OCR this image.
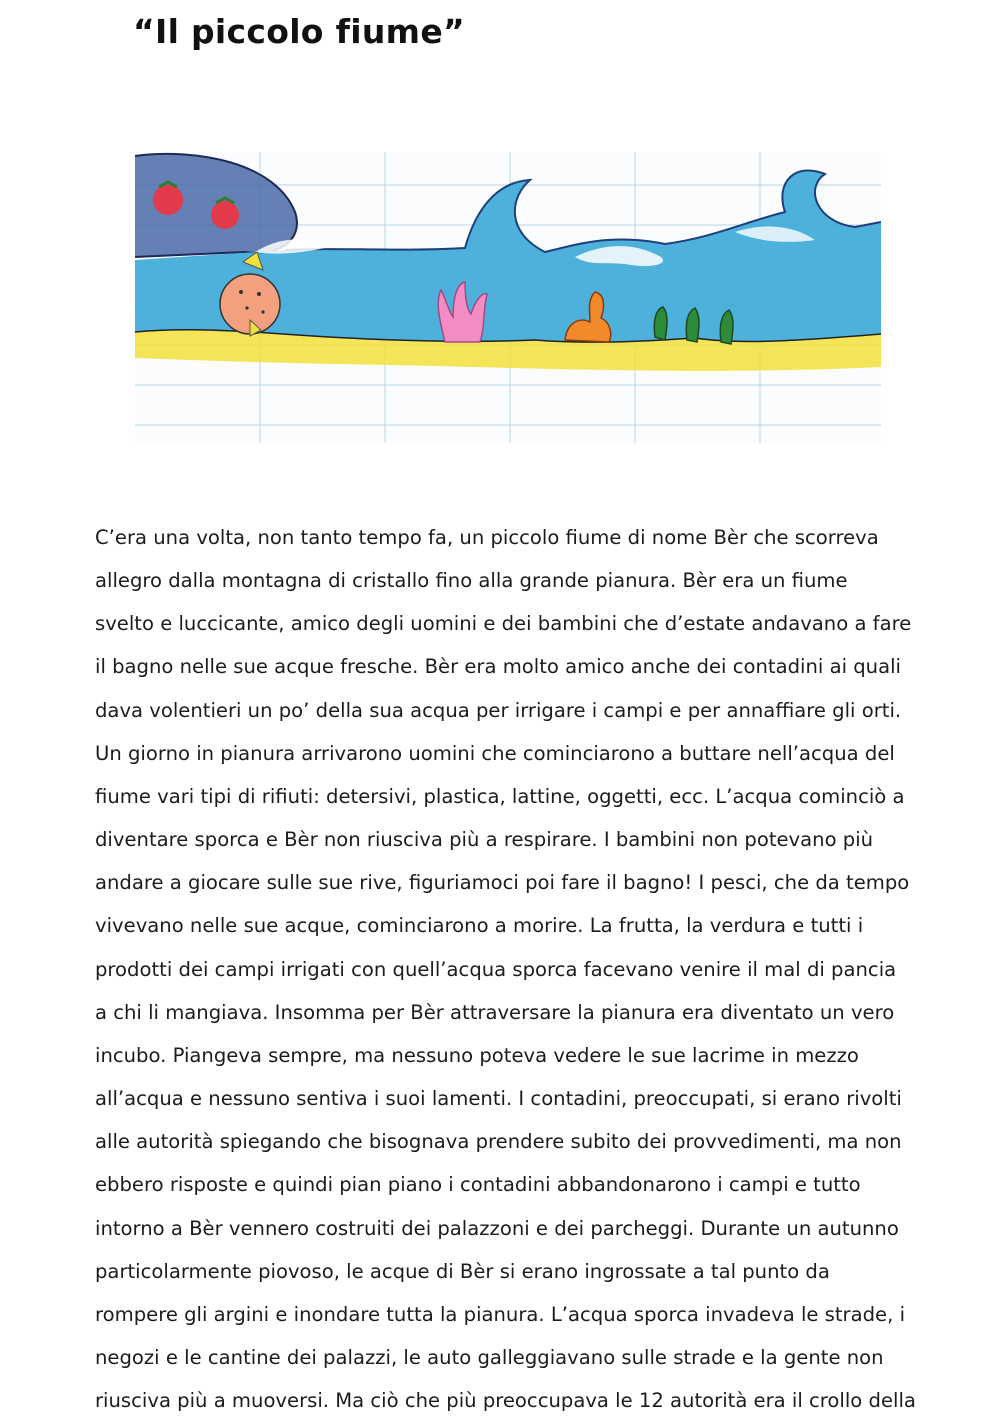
“Il piccolo fiume”
C’era una volta, non tanto tempo fa, un piccolo fiume di nome Bèr che scorreva
allegro dalla montagna di cristallo fino alla grande pianura. Bèr era un fiume
svelto e luccicante, amico degli uomini e dei bambini che d’estate andavano a fare
il bagno nelle sue acque fresche. Bèr era molto amico anche dei contadini ai quali
dava volentieri un po’ della sua acqua per irrigare i campi e per annaffiare gli orti.
Un giorno in pianura arrivarono uomini che cominciarono a buttare nell’acqua del
fiume vari tipi di rifiuti: detersivi, plastica, lattine, oggetti, ecc. L’acqua cominciò a
diventare sporca e Bèr non riusciva più a respirare. I bambini non potevano più
andare a giocare sulle sue rive, figuriamoci poi fare il bagno! I pesci, che da tempo
vivevano nelle sue acque, cominciarono a morire. La frutta, la verdura e tutti i
prodotti dei campi irrigati con quell’acqua sporca facevano venire il mal di pancia
a chi li mangiava. Insomma per Bèr attraversare la pianura era diventato un vero
incubo. Piangeva sempre, ma nessuno poteva vedere le sue lacrime in mezzo
all’acqua e nessuno sentiva i suoi lamenti. I contadini, preoccupati, si erano rivolti
alle autorità spiegando che bisognava prendere subito dei provvedimenti, ma non
ebbero risposte e quindi pian piano i contadini abbandonarono i campi e tutto
intorno a Bèr vennero costruiti dei palazzoni e dei parcheggi. Durante un autunno
particolarmente piovoso, le acque di Bèr si erano ingrossate a tal punto da
rompere gli argini e inondare tutta la pianura. L’acqua sporca invadeva le strade, i
negozi e le cantine dei palazzi, le auto galleggiavano sulle strade e la gente non
riusciva più a muoversi. Ma ciò che più preoccupava le 12 autorità era il crollo della
